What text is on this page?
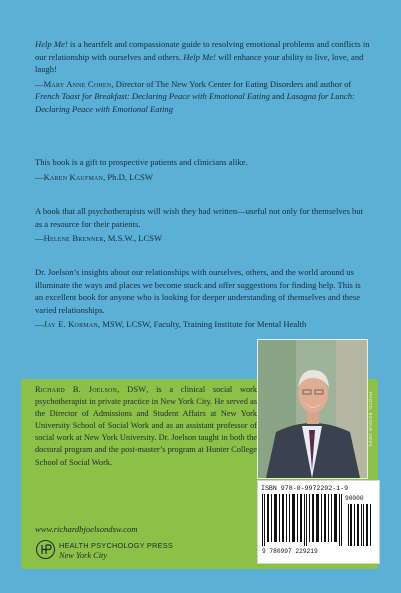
Help Me! is a heartfelt and compassionate guide to resolving emotional problems and conflicts in our relationship with ourselves and others. Help Me! will enhance your ability to live, love, and laugh!
—Mary Anne Cohen, Director of The New York Center for Eating Disorders and author of French Toast for Breakfast: Declaring Peace with Emotional Eating and Lasagna for Lunch: Declaring Peace with Emotional Eating
This book is a gift to prospective patients and clinicians alike.
—Karen Kaufman, Ph.D, LCSW
A book that all psychotherapists will wish they had written—useful not only for themselves but as a resource for their patients.
—Helene Brenner, M.S.W., LCSW
Dr. Joelson’s insights about our relationships with ourselves, others, and the world around us illuminate the ways and places we become stuck and offer suggestions for finding help. This is an excellent book for anyone who is looking for deeper understanding of themselves and these varied relationships.
—Jay E. Korman, MSW, LCSW, Faculty, Training Institute for Mental Health
Richard B. Joelson, DSW, is a clinical social work psychotherapist in private practice in New York City. He served as the Director of Admissions and Student Affairs at New York University School of Social Work and as an assistant professor of social work at New York University. Dr. Joelson taught in both the doctoral program and the post-master’s program at Hunter College School of Social Work.
PHOTO: BONNIE GESS
ISBN 978-0-9972292-1-9
9 780997 229219
90000
www.richardbjoelsondsw.com
HEALTH PSYCHOLOGY PRESS
New York City
